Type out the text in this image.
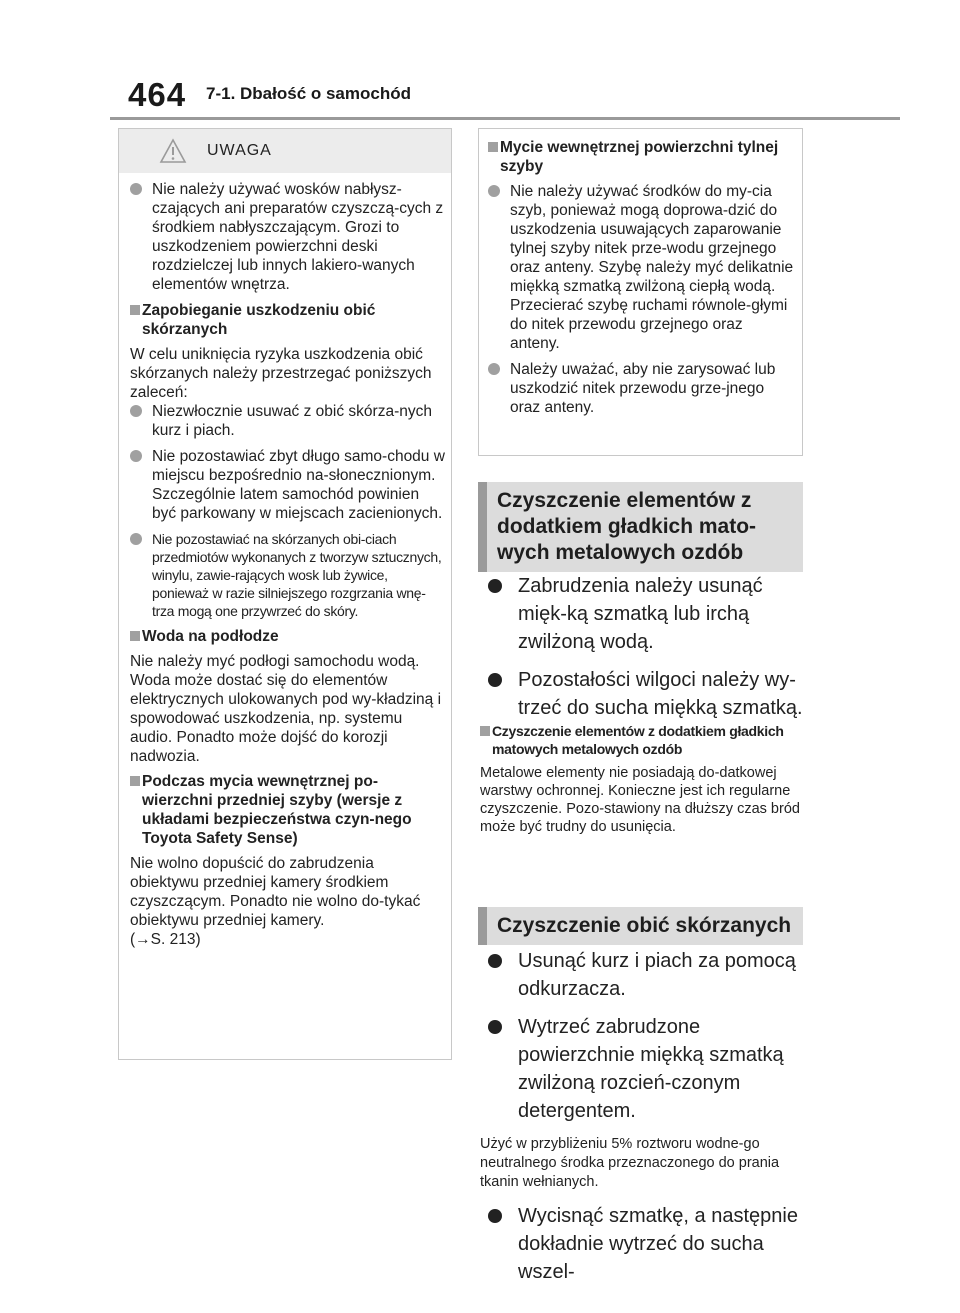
464 7-1. Dbałość o samochód
UWAGA

Nie należy używać wosków nabłysz-czających ani preparatów czyszczą-cych z środkiem nabłyszczającym. Grozi to uszkodzeniem powierzchni deski rozdzielczej lub innych lakiero-wanych elementów wnętrza.

Zapobieganie uszkodzeniu obić skórzanych

W celu uniknięcia ryzyka uszkodzenia obić skórzanych należy przestrzegać poniższych zaleceń:

Niezwłocznie usuwać z obić skórza-nych kurz i piach.

Nie pozostawiać zbyt długo samo-chodu w miejscu bezpośrednio na-słonecznionym. Szczególnie latem samochód powinien być parkowany w miejscach zacienionych.

Nie pozostawiać na skórzanych obi-ciach przedmiotów wykonanych z tworzyw sztucznych, winylu, zawie-rających wosk lub żywice, ponieważ w razie silniejszego rozgrzania wnę-trza mogą one przywrzeć do skóry.

Woda na podłodze

Nie należy myć podłogi samochodu wodą.

Woda może dostać się do elementów elektrycznych ulokowanych pod wy-kładziną i spowodować uszkodzenia, np. systemu audio. Ponadto może dojść do korozji nadwozia.

Podczas mycia wewnętrznej po-wierzchni przedniej szyby (wersje z układami bezpieczeństwa czyn-nego Toyota Safety Sense)

Nie wolno dopuścić do zabrudzenia obiektywu przedniej kamery środkiem czyszczącym. Ponadto nie wolno do-tykać obiektywu przedniej kamery.

(→S. 213)

Mycie wewnętrznej powierzchni tylnej szyby

Nie należy używać środków do my-cia szyb, ponieważ mogą doprowa-dzić do uszkodzenia usuwających zaparowanie tylnej szyby nitek prze-wodu grzejnego oraz anteny. Szybę należy myć delikatnie miękką szmatką zwilżoną ciepłą wodą. Przecierać szybę ruchami równole-głymi do nitek przewodu grzejnego oraz anteny.

Należy uważać, aby nie zarysować lub uszkodzić nitek przewodu grze-jnego oraz anteny.

Czyszczenie elementów z dodatkiem gładkich mato-wych metalowych ozdób

Zabrudzenia należy usunąć mięk-ką szmatką lub irchą zwilżoną wodą.

Pozostałości wilgoci należy wy-trzeć do sucha miękką szmatką.

Czyszczenie elementów z dodatkiem gładkich matowych metalowych ozdób

Metalowe elementy nie posiadają do-datkowej warstwy ochronnej. Konieczne jest ich regularne czyszczenie. Pozo-stawiony na dłuższy czas bród może być trudny do usunięcia.

Czyszczenie obić skórzanych

Usunąć kurz i piach za pomocą odkurzacza.

Wytrzeć zabrudzone powierzchnie miękką szmatką zwilżoną rozcień-czonym detergentem.

Użyć w przybliżeniu 5% roztworu wodne-go neutralnego środka przeznaczonego do prania tkanin wełnianych.

Wycisnąć szmatkę, a następnie dokładnie wytrzeć do sucha wszel-
